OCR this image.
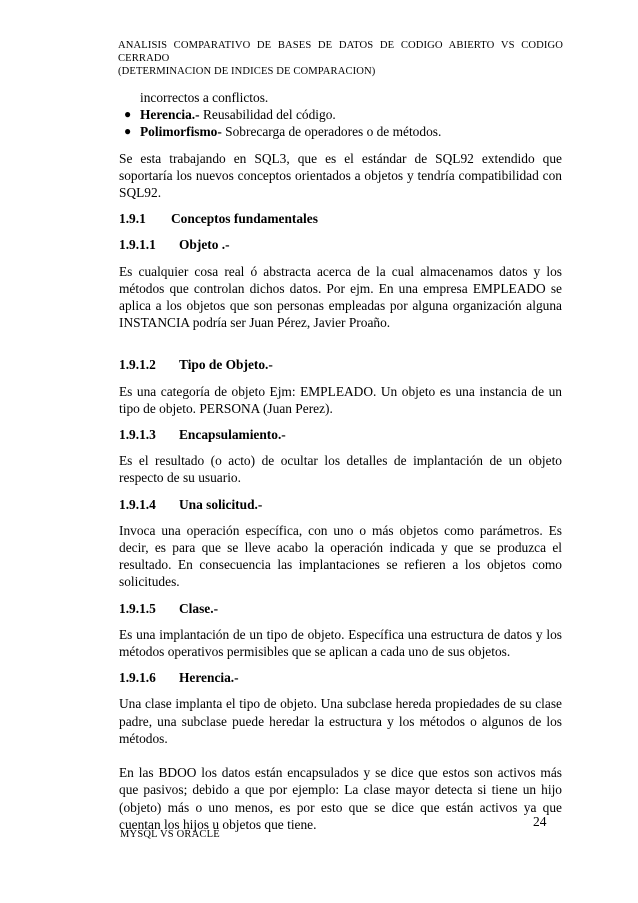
ANALISIS COMPARATIVO DE BASES DE DATOS DE CODIGO ABIERTO VS CODIGO CERRADO
(DETERMINACION DE INDICES DE COMPARACION)
incorrectos a conflictos.
● Herencia.- Reusabilidad del código.
● Polimorfismo- Sobrecarga de operadores o de métodos.

Se esta trabajando en SQL3, que es el estándar de SQL92 extendido que soportaría los nuevos conceptos orientados a objetos y tendría compatibilidad con SQL92.

1.9.1 Conceptos fundamentales

1.9.1.1 Objeto .-

Es cualquier cosa real ó abstracta acerca de la cual almacenamos datos y los métodos que controlan dichos datos. Por ejm. En una empresa EMPLEADO se aplica a los objetos que son personas empleadas por alguna organización alguna INSTANCIA podría ser Juan Pérez, Javier Proaño.

1.9.1.2 Tipo de Objeto.-

Es una categoría de objeto Ejm: EMPLEADO. Un objeto es una instancia de un tipo de objeto. PERSONA (Juan Perez).

1.9.1.3 Encapsulamiento.-

Es el resultado (o acto) de ocultar los detalles de implantación de un objeto respecto de su usuario.

1.9.1.4 Una solicitud.-

Invoca una operación específica, con uno o más objetos como parámetros. Es decir, es para que se lleve acabo la operación indicada y que se produzca el resultado. En consecuencia las implantaciones se refieren a los objetos como solicitudes.

1.9.1.5 Clase.-

Es una implantación de un tipo de objeto. Específica una estructura de datos y los métodos operativos permisibles que se aplican a cada uno de sus objetos.

1.9.1.6 Herencia.-

Una clase implanta el tipo de objeto. Una subclase hereda propiedades de su clase padre, una subclase puede heredar la estructura y los métodos o algunos de los métodos.

En las BDOO los datos están encapsulados y se dice que estos son activos más que pasivos; debido a que por ejemplo: La clase mayor detecta si tiene un hijo (objeto) más o uno menos, es por esto que se dice que están activos ya que cuentan los hijos u objetos que tiene.	24
MYSQL VS ORACLE
